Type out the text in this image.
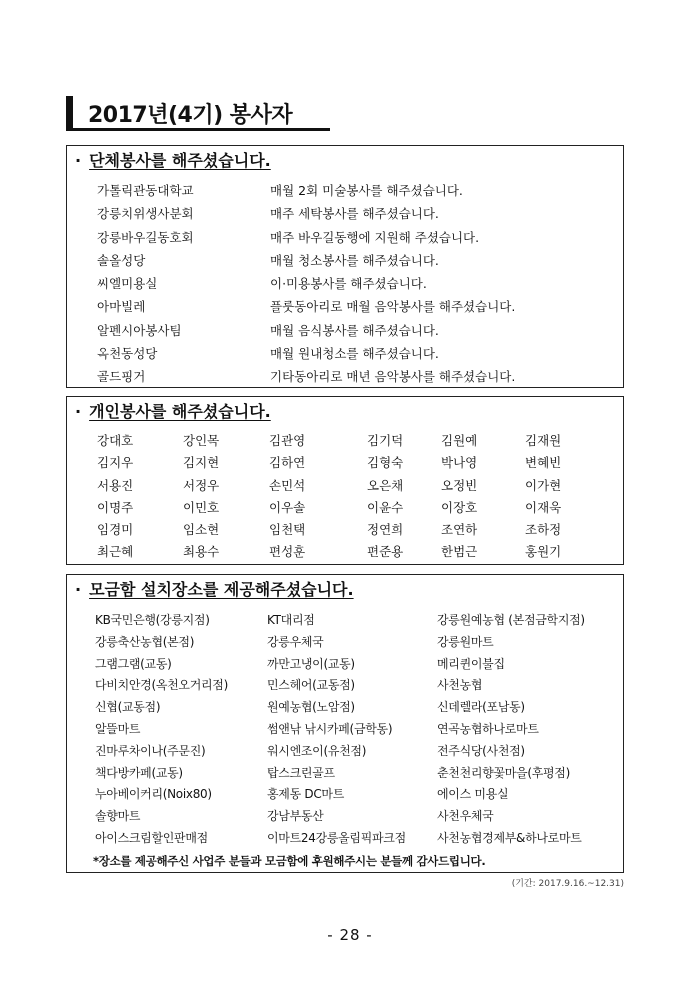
2017년(4기) 봉사자
· 단체봉사를 해주셨습니다.
가톨릭관동대학교	매월 2회 미술봉사를 해주셨습니다.
강릉치위생사분회	매주 세탁봉사를 해주셨습니다.
강릉바우길동호회	매주 바우길동행에 지원해 주셨습니다.
솔올성당	매월 청소봉사를 해주셨습니다.
씨엘미용실	이·미용봉사를 해주셨습니다.
아마빌레	플룻동아리로 매월 음악봉사를 해주셨습니다.
알펜시아봉사팀	매월 음식봉사를 해주셨습니다.
옥천동성당	매월 원내청소를 해주셨습니다.
골드핑거	기타동아리로 매년 음악봉사를 해주셨습니다.
· 개인봉사를 해주셨습니다.
강대호	강인목	김관영	김기덕	김원예	김재원
김지우	김지현	김하연	김형숙	박나영	변혜빈
서용진	서정우	손민석	오은채	오정빈	이가현
이명주	이민호	이우솔	이윤수	이장호	이재욱
임경미	임소현	임천택	정연희	조연하	조하정
최근혜	최용수	편성훈	편준용	한범근	홍원기
· 모금함 설치장소를 제공해주셨습니다.
KB국민은행(강릉지점)	KT대리점	강릉원예농협 (본점금학지점)
강릉축산농협(본점)	강릉우체국	강릉원마트
그램그램(교동)	까만고냉이(교동)	메리퀸이불집
다비치안경(옥천오거리점)	민스헤어(교동점)	사천농협
신협(교동점)	원예농협(노암점)	신데렐라(포남동)
알뜰마트	썸앤낚 낚시카페(금학동)	연곡농협하나로마트
진마루차이나(주문진)	워시엔조이(유천점)	전주식당(사천점)
책다방카페(교동)	탑스크린골프	춘천천리향꽃마을(후평점)
누아베이커리(Noix80)	홍제동 DC마트	에이스 미용실
솔향마트	강남부동산	사천우체국
아이스크림할인판매점	이마트24강릉올림픽파크점	사천농협경제부&하나로마트
*장소를 제공해주신 사업주 분들과 모금함에 후원해주시는 분들께 감사드립니다.
(기간: 2017.9.16.~12.31)
- 28 -
